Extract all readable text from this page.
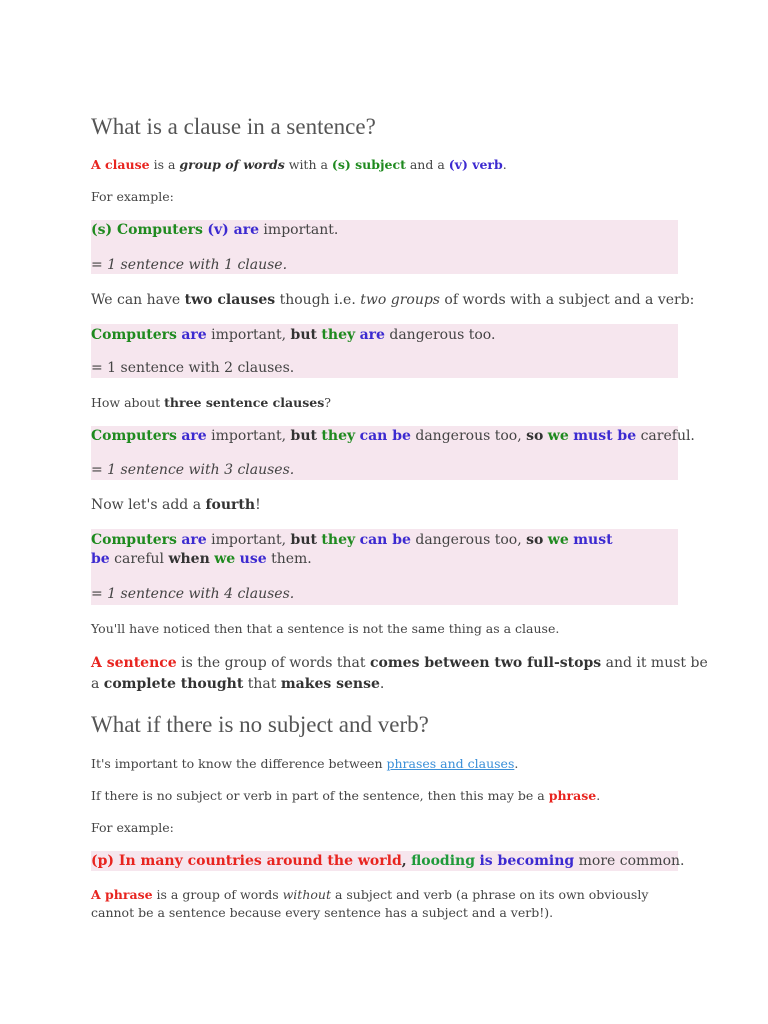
What is a clause in a sentence?
A clause is a group of words with a (s) subject and a (v) verb.
For example:
(s) Computers (v) are important.
= 1 sentence with 1 clause.
We can have two clauses though i.e. two groups of words with a subject and a verb:
Computers are important, but they are dangerous too.
= 1 sentence with 2 clauses.
How about three sentence clauses?
Computers are important, but they can be dangerous too, so we must be careful.
= 1 sentence with 3 clauses.
Now let's add a fourth!
Computers are important, but they can be dangerous too, so we must
be careful when we use them.
= 1 sentence with 4 clauses.
You'll have noticed then that a sentence is not the same thing as a clause.
A sentence is the group of words that comes between two full-stops and it must be
a complete thought that makes sense.
What if there is no subject and verb?
It's important to know the difference between phrases and clauses.
If there is no subject or verb in part of the sentence, then this may be a phrase.
For example:
(p) In many countries around the world, flooding is becoming more common.
A phrase is a group of words without a subject and verb (a phrase on its own obviously cannot be a sentence because every sentence has a subject and a verb!).
